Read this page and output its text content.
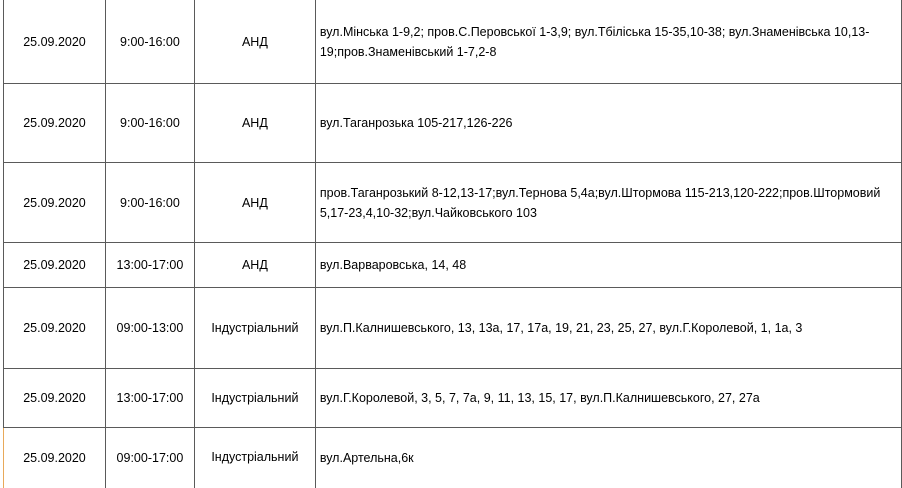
25.09.2020	9:00-16:00	АНД	вул.Мінська 1-9,2; пров.С.Перовської 1-3,9; вул.Тбіліська 15-35,10-38; вул.Знаменівська 10,13-19;пров.Знаменівський 1-7,2-8
25.09.2020	9:00-16:00	АНД	вул.Таганрозька 105-217,126-226
25.09.2020	9:00-16:00	АНД	пров.Таганрозький 8-12,13-17;вул.Тернова 5,4а;вул.Штормова 115-213,120-222;пров.Штормовий 5,17-23,4,10-32;вул.Чайковського 103
25.09.2020	13:00-17:00	АНД	вул.Варваровська, 14, 48
25.09.2020	09:00-13:00	Індустріальний	вул.П.Калнишевського, 13, 13а, 17, 17а, 19, 21, 23, 25, 27, вул.Г.Королевой, 1, 1а, 3
25.09.2020	13:00-17:00	Індустріальний	вул.Г.Королевой, 3, 5, 7, 7а, 9, 11, 13, 15, 17, вул.П.Калнишевського, 27, 27а
25.09.2020	09:00-17:00	Індустріальний	вул.Артельна,6к
